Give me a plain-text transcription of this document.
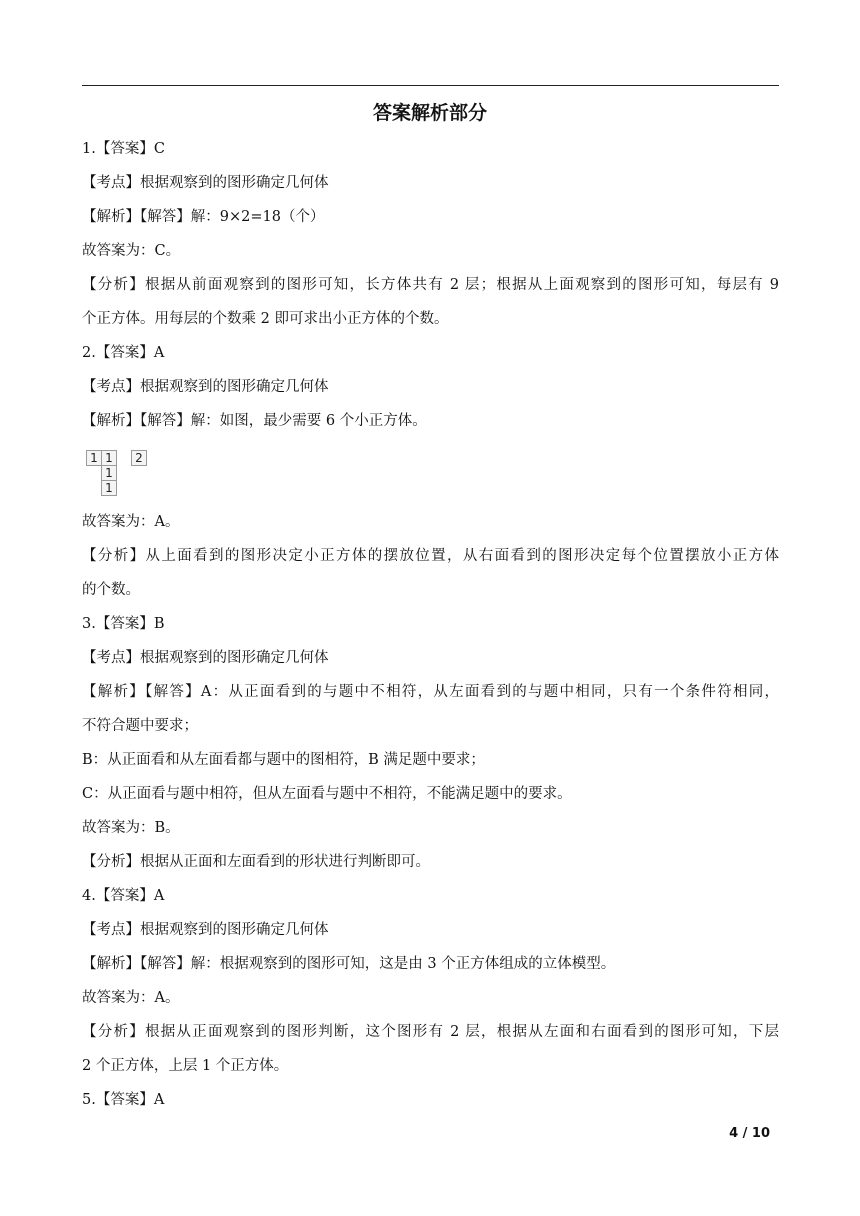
答案解析部分
1.【答案】C
【考点】根据观察到的图形确定几何体
【解析】【解答】解：9×2=18（个）
故答案为：C。
【分析】根据从前面观察到的图形可知，长方体共有 2 层；根据从上面观察到的图形可知，每层有 9
个正方体。用每层的个数乘 2 即可求出小正方体的个数。
2.【答案】A
【考点】根据观察到的图形确定几何体
【解析】【解答】解：如图，最少需要 6 个小正方体。
1 1	2
1
1
故答案为：A。
【分析】从上面看到的图形决定小正方体的摆放位置，从右面看到的图形决定每个位置摆放小正方体
的个数。
3.【答案】B
【考点】根据观察到的图形确定几何体
【解析】【解答】A：从正面看到的与题中不相符，从左面看到的与题中相同，只有一个条件符相同，
不符合题中要求；
B：从正面看和从左面看都与题中的图相符，B 满足题中要求；
C：从正面看与题中相符，但从左面看与题中不相符，不能满足题中的要求。
故答案为：B。
【分析】根据从正面和左面看到的形状进行判断即可。
4.【答案】A
【考点】根据观察到的图形确定几何体
【解析】【解答】解：根据观察到的图形可知，这是由 3 个正方体组成的立体模型。
故答案为：A。
【分析】根据从正面观察到的图形判断，这个图形有 2 层，根据从左面和右面看到的图形可知，下层
2 个正方体，上层 1 个正方体。
5.【答案】A
4 / 10
